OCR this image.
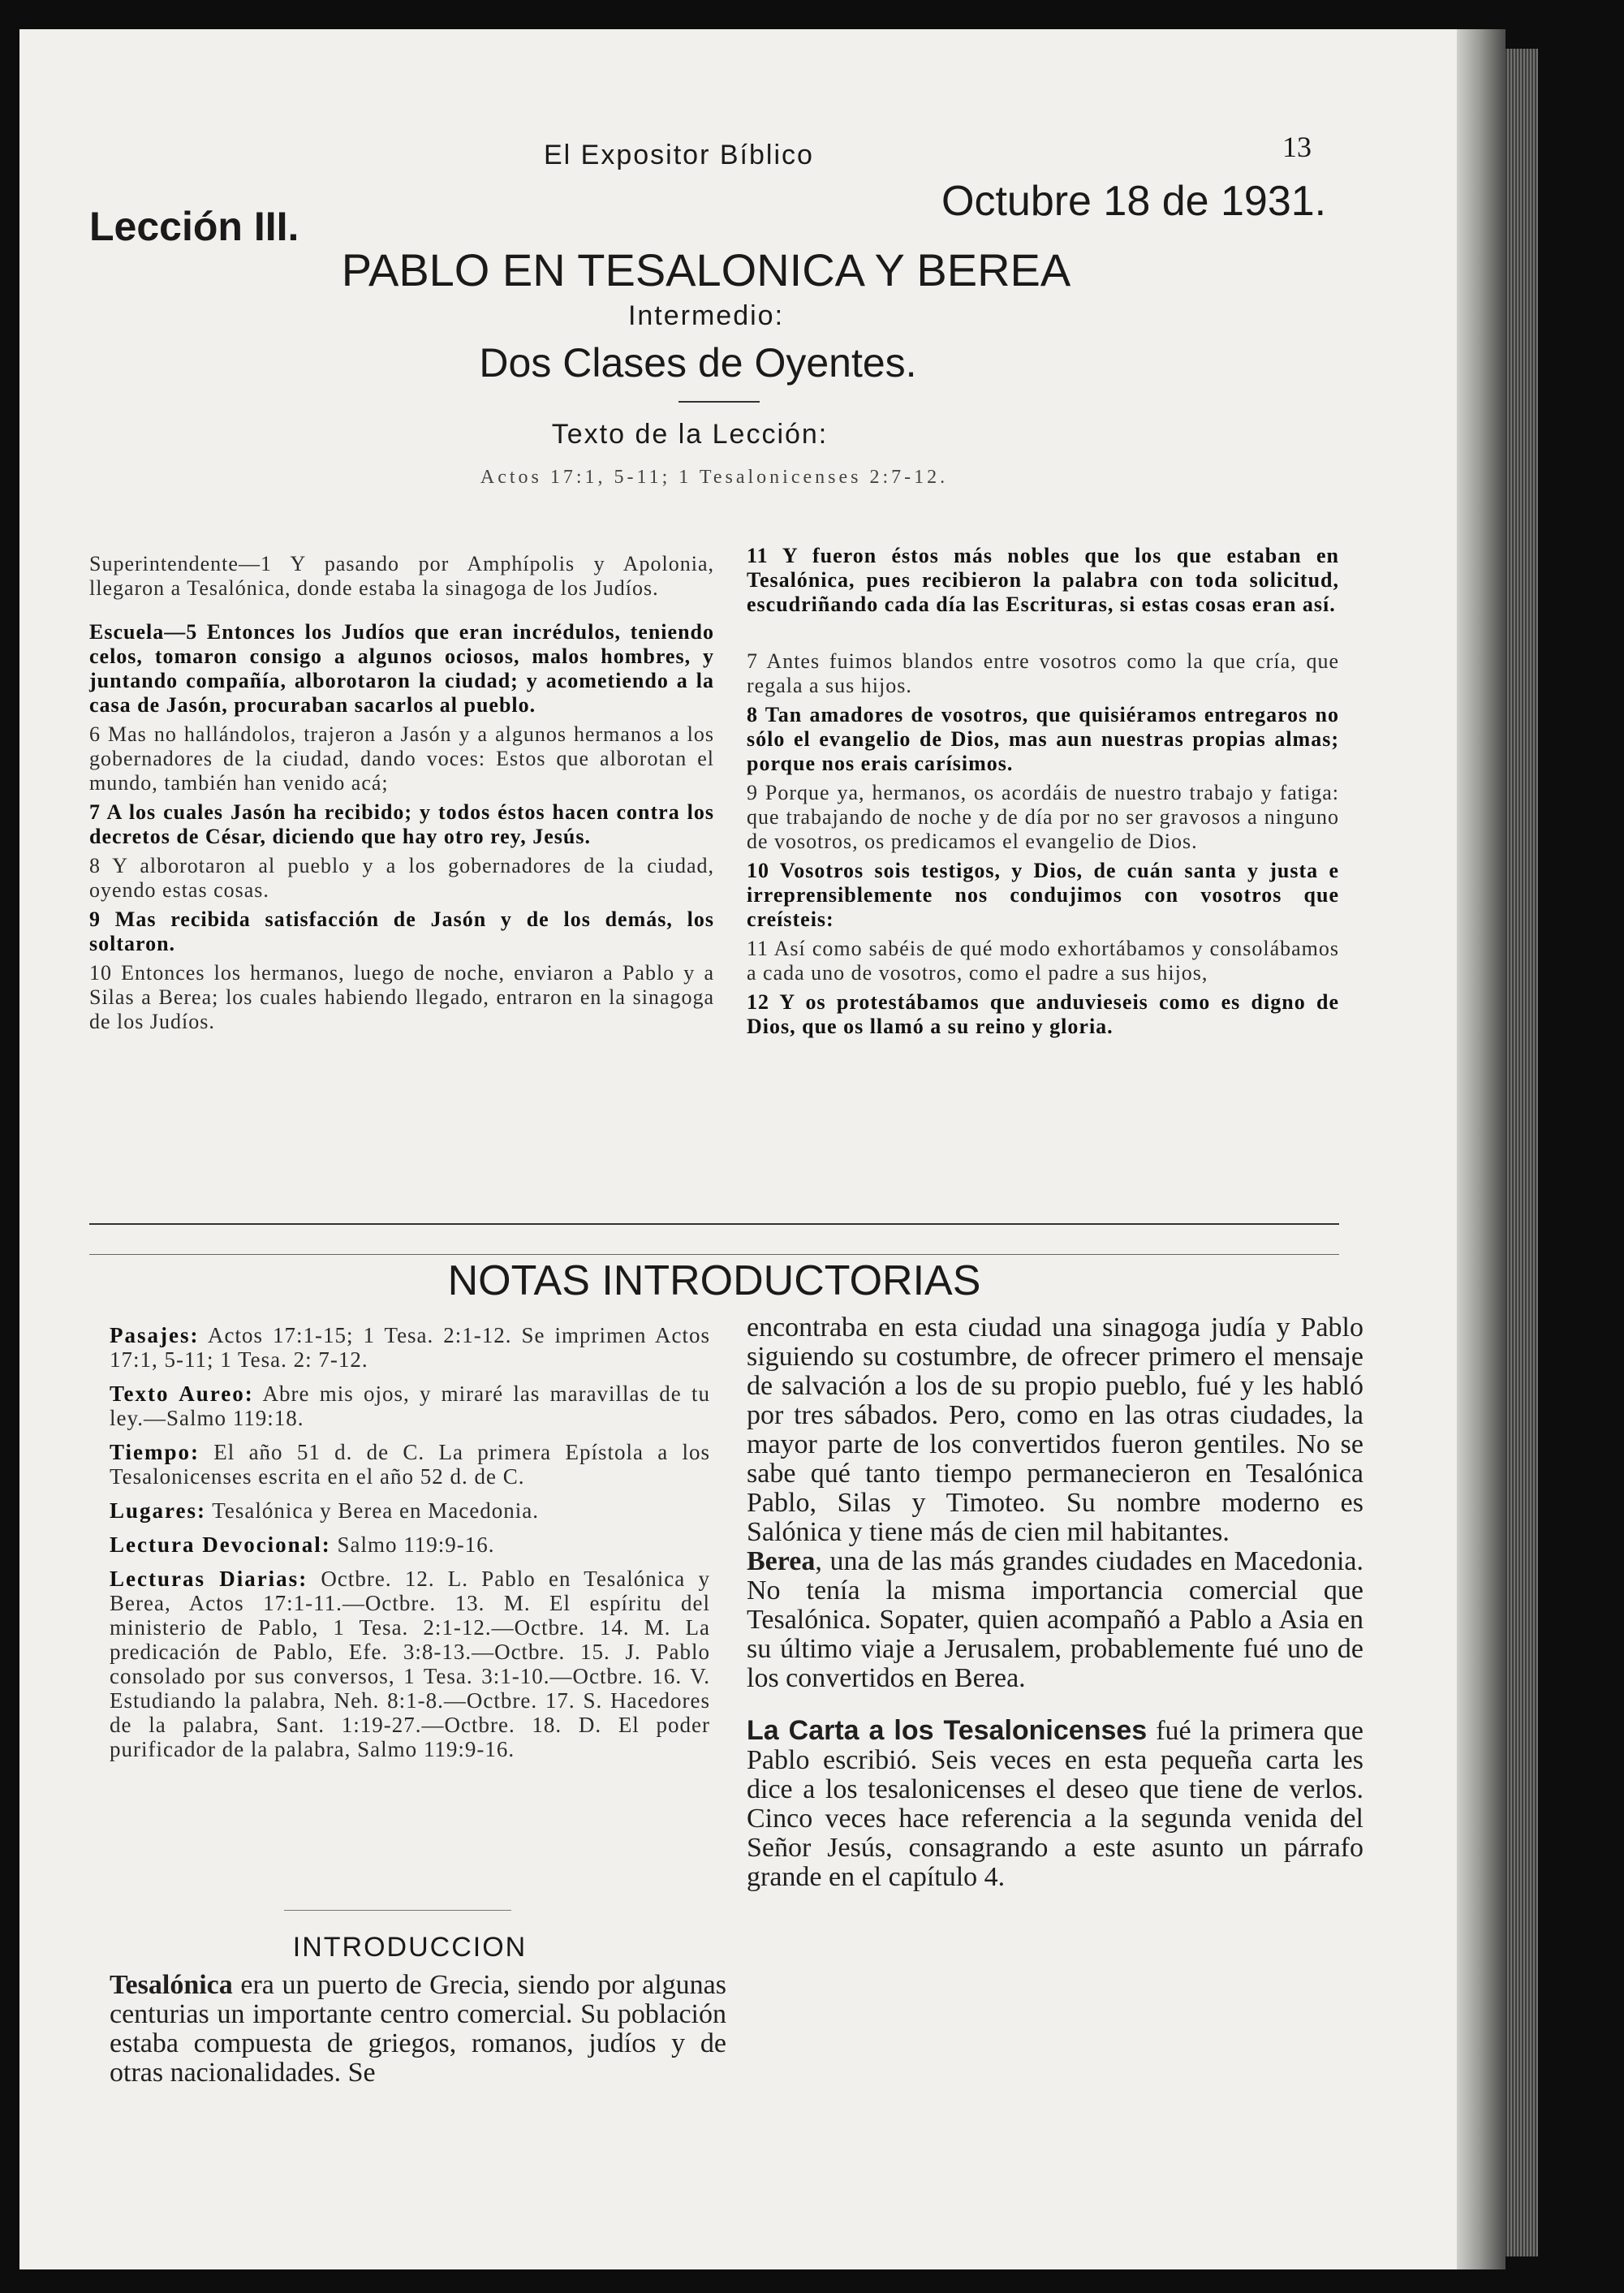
13
Lección III.
El Expositor Bíblico
Octubre 18 de 1931.
PABLO EN TESALONICA Y BEREA
Intermedio:
Dos Clases de Oyentes.
Texto de la Lección:
Actos 17:1, 5-11; 1 Tesalonicenses 2:7-12.

Superintendente—1 Y pasando por Amphípolis y Apolonia, llegaron a Tesalónica, donde estaba la sinagoga de los Judíos.

Escuela—5 Entonces los Judíos que eran incrédulos, teniendo celos, tomaron consigo a algunos ociosos, malos hombres, y juntando compañía, alborotaron la ciudad; y acometiendo a la casa de Jasón, procuraban sacarlos al pueblo.

6 Mas no hallándolos, trajeron a Jasón y a algunos hermanos a los gobernadores de la ciudad, dando voces: Estos que alborotan el mundo, también han venido acá;

7 A los cuales Jasón ha recibido; y todos éstos hacen contra los decretos de César, diciendo que hay otro rey, Jesús.

8 Y alborotaron al pueblo y a los gobernadores de la ciudad, oyendo estas cosas.

9 Mas recibida satisfacción de Jasón y de los demás, los soltaron.

10 Entonces los hermanos, luego de noche, enviaron a Pablo y a Silas a Berea; los cuales habiendo llegado, entraron en la sinagoga de los Judíos.

11 Y fueron éstos más nobles que los que estaban en Tesalónica, pues recibieron la palabra con toda solicitud, escudriñando cada día las Escrituras, si estas cosas eran así.

7 Antes fuimos blandos entre vosotros como la que cría, que regala a sus hijos.

8 Tan amadores de vosotros, que quisiéramos entregaros no sólo el evangelio de Dios, mas aun nuestras propias almas; porque nos erais carísimos.

9 Porque ya, hermanos, os acordáis de nuestro trabajo y fatiga: que trabajando de noche y de día por no ser gravosos a ninguno de vosotros, os predicamos el evangelio de Dios.

10 Vosotros sois testigos, y Dios, de cuán santa y justa e irreprensiblemente nos condujimos con vosotros que creísteis:

11 Así como sabéis de qué modo exhortábamos y consolábamos a cada uno de vosotros, como el padre a sus hijos,

12 Y os protestábamos que anduvieseis como es digno de Dios, que os llamó a su reino y gloria.

NOTAS INTRODUCTORIAS

Pasajes: Actos 17:1-15; 1 Tesa. 2:1-12. Se imprimen Actos 17:1, 5-11; 1 Tesa. 2: 7-12.

Texto Aureo: Abre mis ojos, y miraré las maravillas de tu ley.—Salmo 119:18.

Tiempo: El año 51 d. de C. La primera Epístola a los Tesalonicenses escrita en el año 52 d. de C.

Lugares: Tesalónica y Berea en Macedonia.

Lectura Devocional: Salmo 119:9-16.

Lecturas Diarias: Octbre. 12. L. Pablo en Tesalónica y Berea, Actos 17:1-11.—Octbre. 13. M. El espíritu del ministerio de Pablo, 1 Tesa. 2:1-12.—Octbre. 14. M. La predicación de Pablo, Efe. 3:8-13.—Octbre. 15. J. Pablo consolado por sus conversos, 1 Tesa. 3:1-10.—Octbre. 16. V. Estudiando la palabra, Neh. 8:1-8.—Octbre. 17. S. Hacedores de la palabra, Sant. 1:19-27.—Octbre. 18. D. El poder purificador de la palabra, Salmo 119:9-16.

INTRODUCCION

Tesalónica era un puerto de Grecia, siendo por algunas centurias un importante centro comercial. Su población estaba compuesta de griegos, romanos, judíos y de otras nacionalidades. Se

encontraba en esta ciudad una sinagoga judía y Pablo siguiendo su costumbre, de ofrecer primero el mensaje de salvación a los de su propio pueblo, fué y les habló por tres sábados. Pero, como en las otras ciudades, la mayor parte de los convertidos fueron gentiles. No se sabe qué tanto tiempo permanecieron en Tesalónica Pablo, Silas y Timoteo. Su nombre moderno es Salónica y tiene más de cien mil habitantes.

Berea, una de las más grandes ciudades en Macedonia. No tenía la misma importancia comercial que Tesalónica. Sopater, quien acompañó a Pablo a Asia en su último viaje a Jerusalem, probablemente fué uno de los convertidos en Berea.

La Carta a los Tesalonicenses fué la primera que Pablo escribió. Seis veces en esta pequeña carta les dice a los tesalonicenses el deseo que tiene de verlos. Cinco veces hace referencia a la segunda venida del Señor Jesús, consagrando a este asunto un párrafo grande en el capítulo 4.
